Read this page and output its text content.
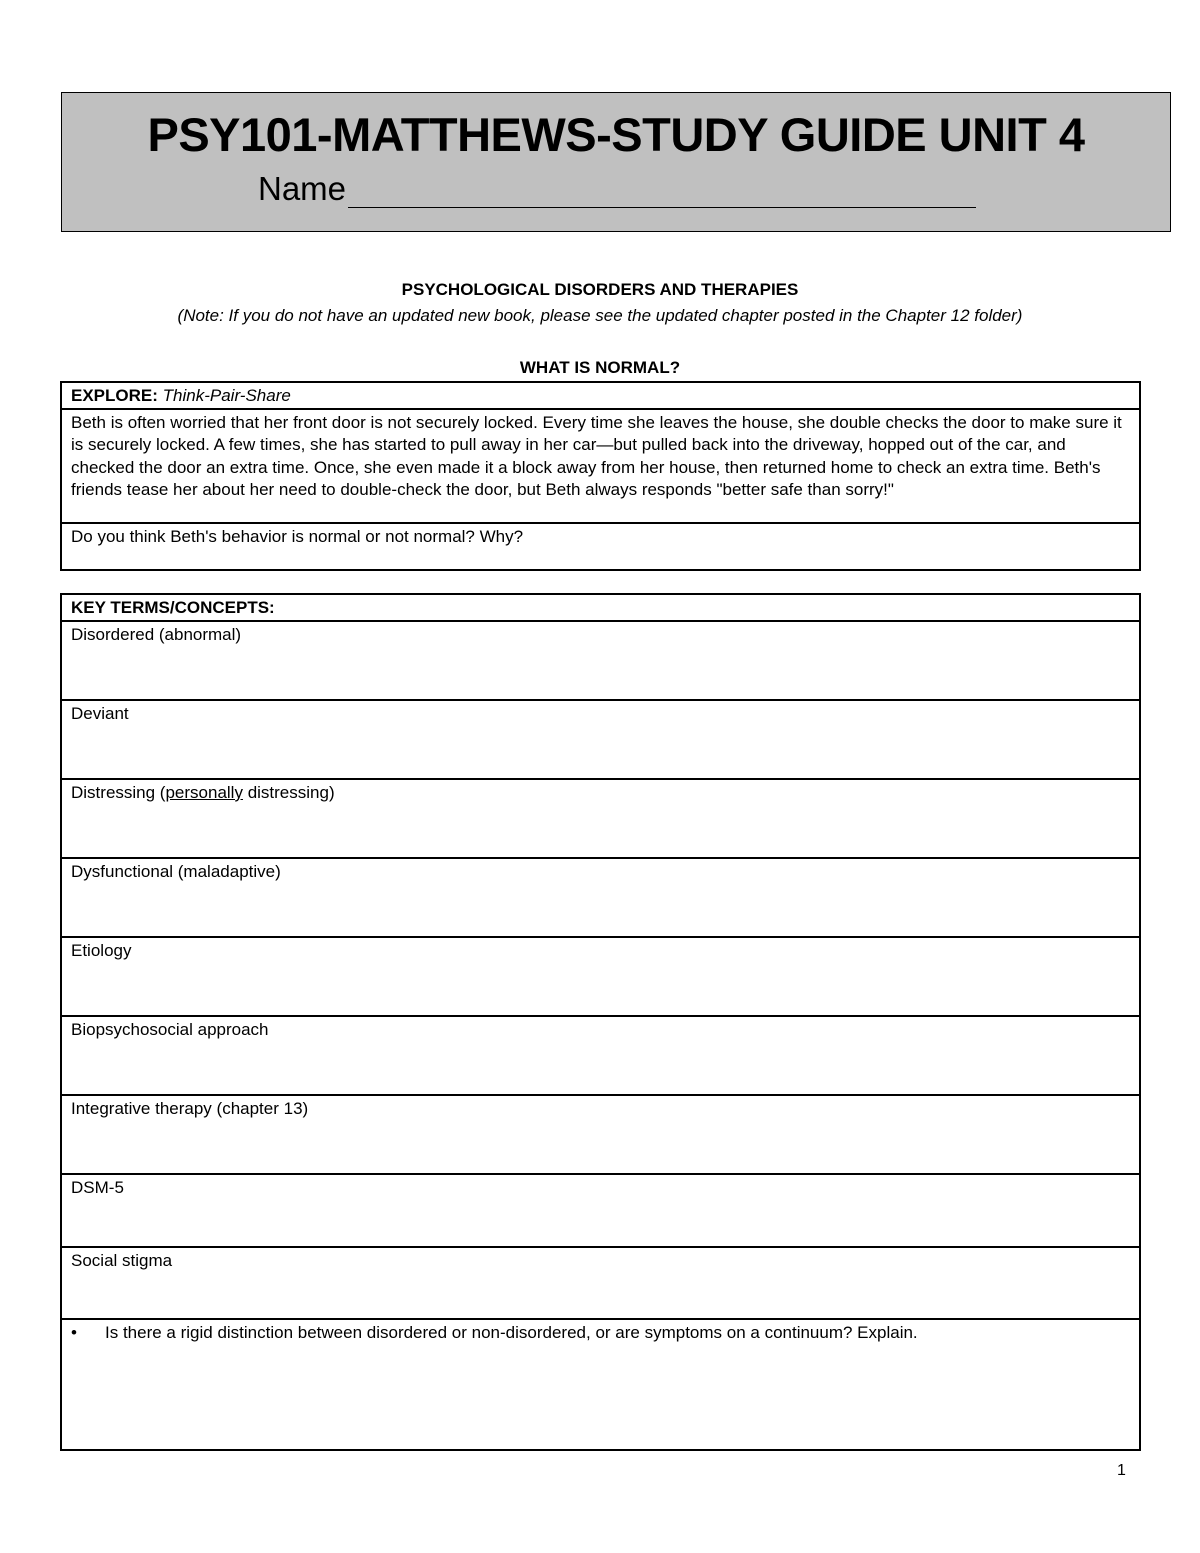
PSY101-MATTHEWS-STUDY GUIDE UNIT 4
Name
PSYCHOLOGICAL DISORDERS AND THERAPIES
(Note: If you do not have an updated new book, please see the updated chapter posted in the Chapter 12 folder)
WHAT IS NORMAL?
EXPLORE: Think-Pair-Share
Beth is often worried that her front door is not securely locked. Every time she leaves the house, she double checks the door to make sure it is securely locked. A few times, she has started to pull away in her car—but pulled back into the driveway, hopped out of the car, and checked the door an extra time. Once, she even made it a block away from her house, then returned home to check an extra time. Beth's friends tease her about her need to double-check the door, but Beth always responds "better safe than sorry!"
Do you think Beth's behavior is normal or not normal? Why?
KEY TERMS/CONCEPTS:
Disordered (abnormal)
Deviant
Distressing (personally distressing)
Dysfunctional (maladaptive)
Etiology
Biopsychosocial approach
Integrative therapy (chapter 13)
DSM-5
Social stigma

•	Is there a rigid distinction between disordered or non-disordered, or are symptoms on a continuum? Explain.
1
